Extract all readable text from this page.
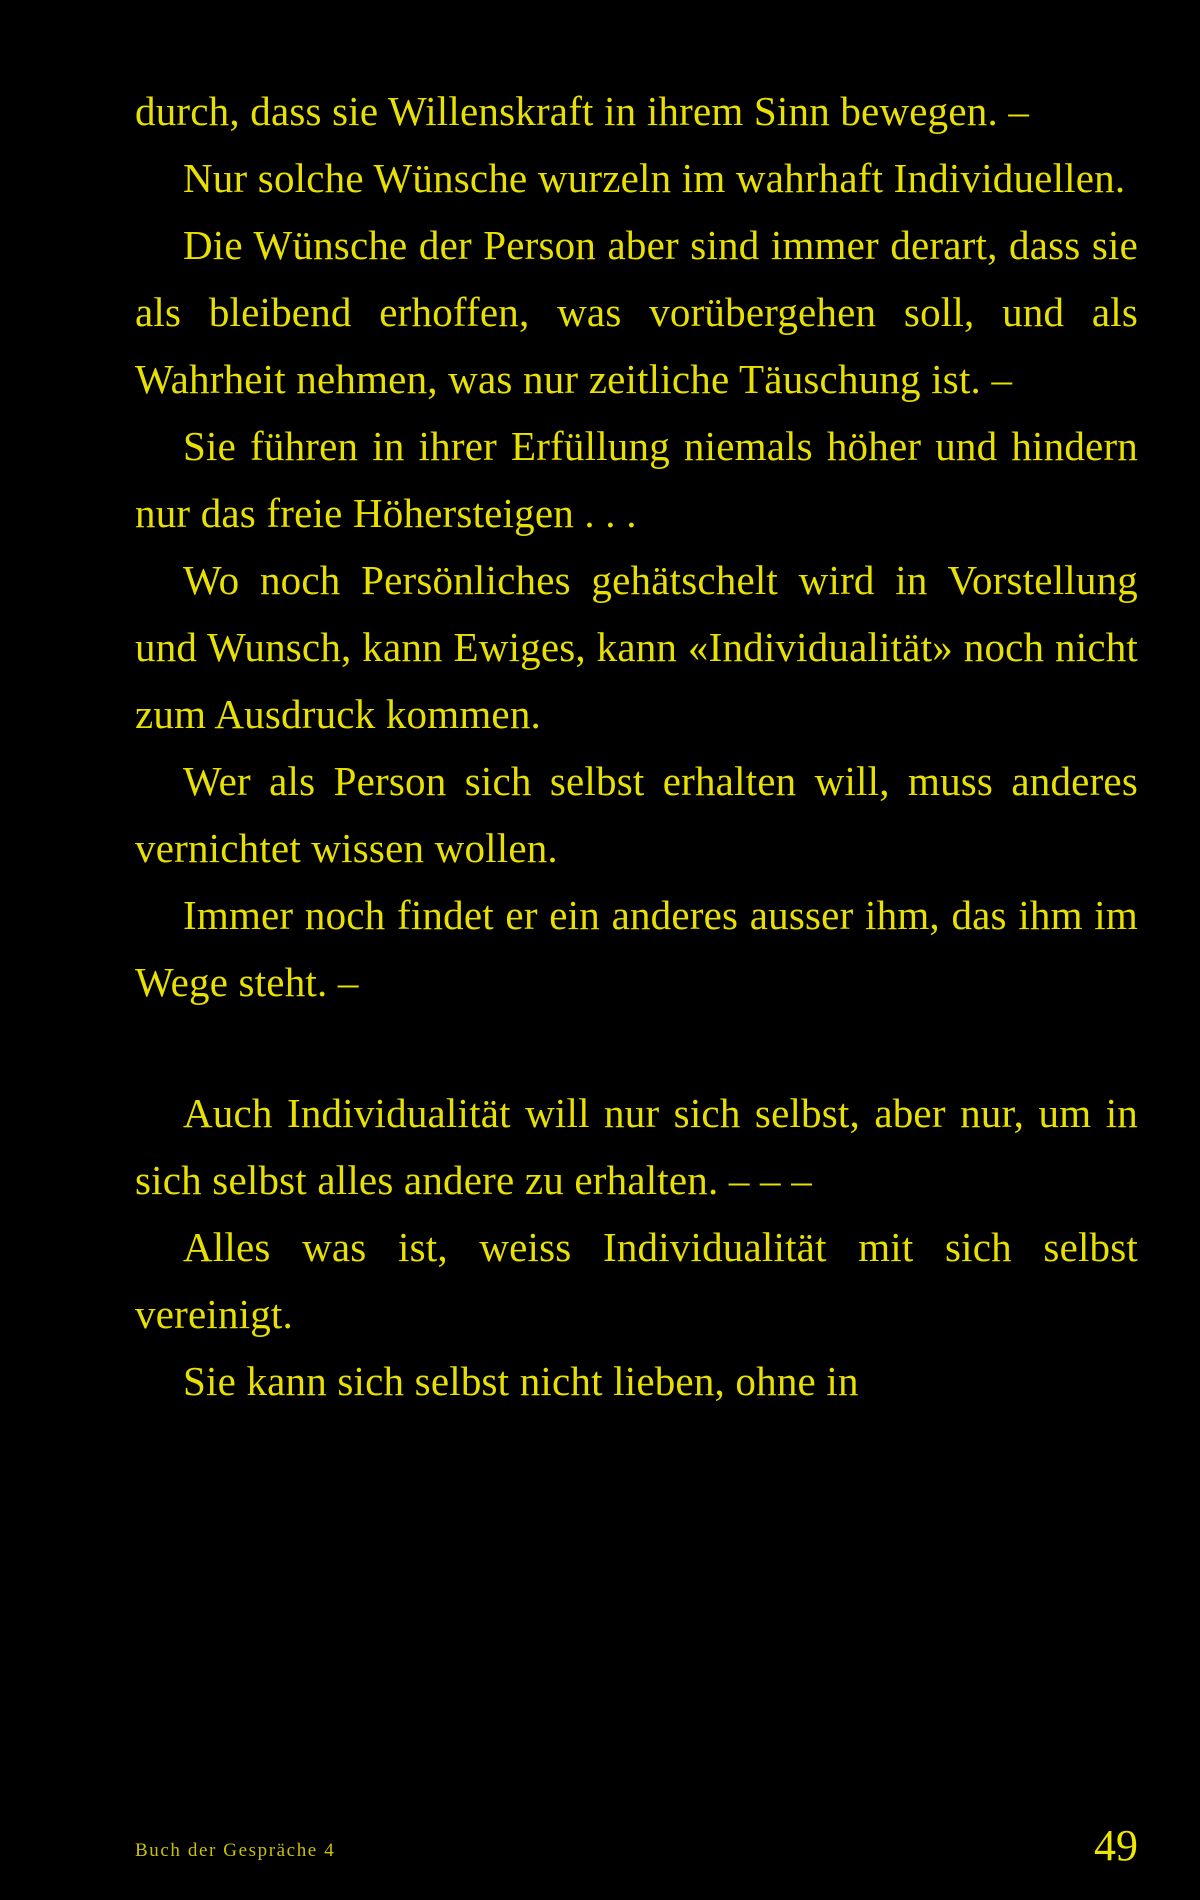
durch, dass sie Willenskraft in ihrem Sinn bewegen. –

Nur solche Wünsche wurzeln im wahrhaft Individuellen.

Die Wünsche der Person aber sind immer derart, dass sie als bleibend erhoffen, was vorübergehen soll, und als Wahrheit nehmen, was nur zeitliche Täuschung ist. –

Sie führen in ihrer Erfüllung niemals höher und hindern nur das freie Höhersteigen . . .

Wo noch Persönliches gehätschelt wird in Vorstellung und Wunsch, kann Ewiges, kann «Individualität» noch nicht zum Ausdruck kommen.

Wer als Person sich selbst erhalten will, muss anderes vernichtet wissen wollen.

Immer noch findet er ein anderes ausser ihm, das ihm im Wege steht. –

Auch Individualität will nur sich selbst, aber nur, um in sich selbst alles andere zu erhalten. – – –

Alles was ist, weiss Individualität mit sich selbst vereinigt.

Sie kann sich selbst nicht lieben, ohne in

Buch der Gespräche 4	49
